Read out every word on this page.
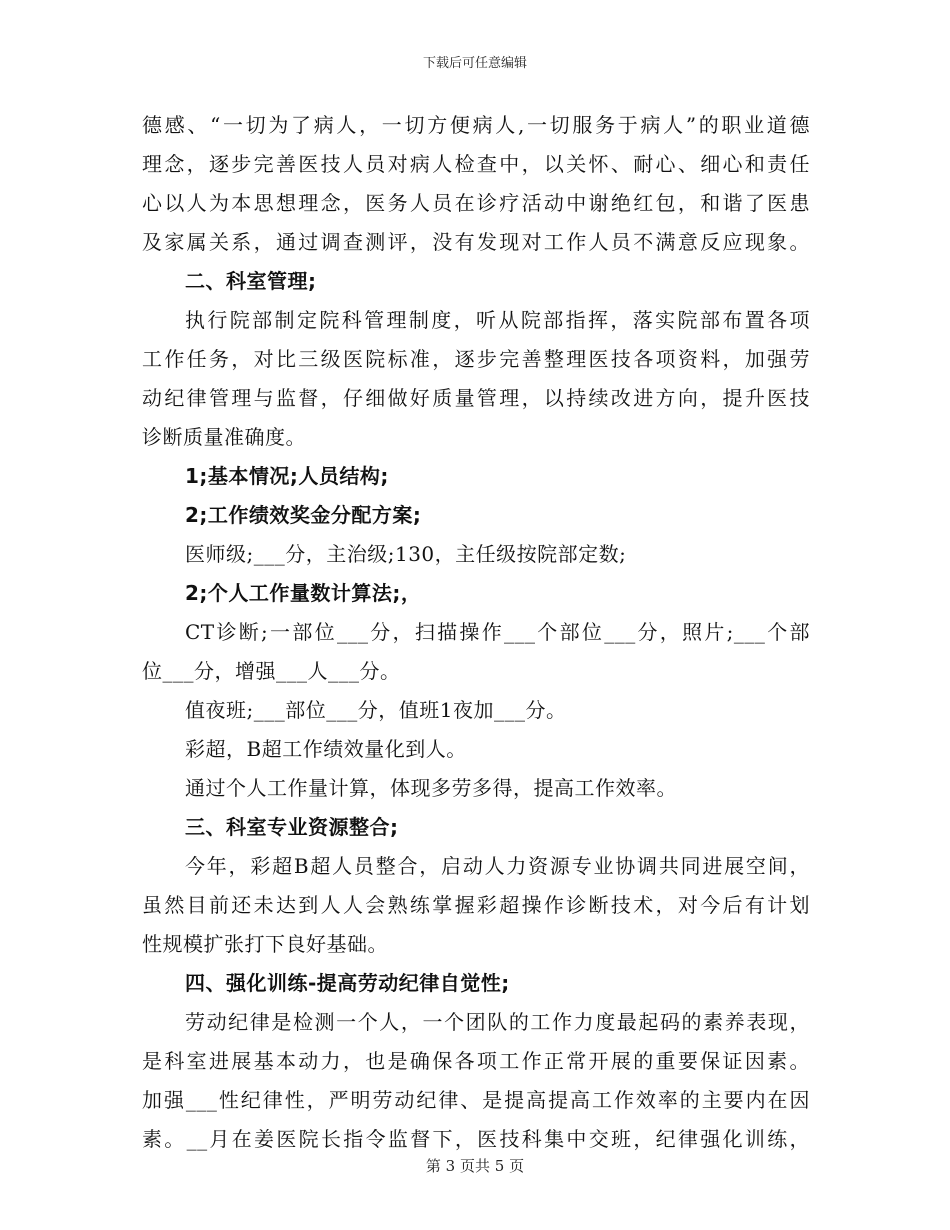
下载后可任意编辑
德感、“一切为了病人，一切方便病人,一切服务于病人”的职业道德
理念，逐步完善医技人员对病人检查中，以关怀、耐心、细心和责任
心以人为本思想理念，医务人员在诊疗活动中谢绝红包，和谐了医患
及家属关系，通过调查测评，没有发现对工作人员不满意反应现象。
二、科室管理;
执行院部制定院科管理制度，听从院部指挥，落实院部布置各项
工作任务，对比三级医院标准，逐步完善整理医技各项资料，加强劳
动纪律管理与监督，仔细做好质量管理，以持续改进方向，提升医技
诊断质量准确度。
1;基本情况;人员结构;
2;工作绩效奖金分配方案;
医师级;___分，主治级;130，主任级按院部定数;
2;个人工作量数计算法;，
CT诊断;一部位___分，扫描操作___个部位___分，照片;___个部
位___分，增强___人___分。
值夜班;___部位___分，值班1夜加___分。
彩超，B超工作绩效量化到人。
通过个人工作量计算，体现多劳多得，提高工作效率。
三、科室专业资源整合;
今年，彩超B超人员整合，启动人力资源专业协调共同进展空间，
虽然目前还未达到人人会熟练掌握彩超操作诊断技术，对今后有计划
性规模扩张打下良好基础。
四、强化训练-提高劳动纪律自觉性;
劳动纪律是检测一个人，一个团队的工作力度最起码的素养表现，
是科室进展基本动力，也是确保各项工作正常开展的重要保证因素。
加强___性纪律性，严明劳动纪律、是提高提高工作效率的主要内在因
素。__月在姜医院长指令监督下，医技科集中交班，纪律强化训练，
第 3 页共 5 页
